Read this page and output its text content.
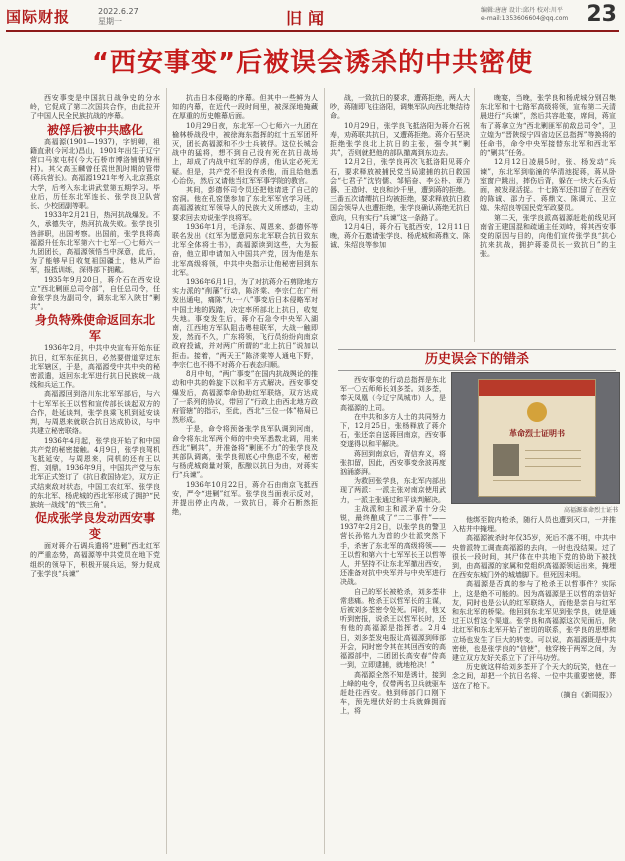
国际财报	2022.6.27
星期一	旧闻	编辑:唐唐 设计:邱丹 校对:川平
e-mail:1353606604@qq.com 23
“西安事变”后被误会诱杀的中共密使

西安事变是中国抗日战争史的分水岭，它促成了第二次国共合作，由此拉开了中国人民全民族抗战的序幕。

被俘后被中共感化

高福源(1901—1937)，字钥卿，祖籍直隶(今河北)昌山，1901年出生于辽宁营口马家屯村(今大石桥市博洛铺镇钟州村)。其父高玉麟曾任袁世凯时期的管带(蒋兵营长)。高福源1921年考入北京燕京大学，后考入东北讲武堂第五期学习。毕业后，历任东北军连长、张学良卫队营长、少校团副等职。

1933年2月21日，热河抗战爆发。不久，承德失守，热河抗战失败。张学良引咎辞职，出国考察。出国前，张学良将高福源升任东北军第六十七军一〇七师六一九团团长，高福源领悟当中深意，此后，为了能够早日收复祖国疆土，他从严治军，报抵训练，深得部下拥戴。

1935年9月20日，蒋介石在西安设立“西北剿匪总司令部”，自任总司令，任命张学良为副司令，调东北军入陕甘“剿共”。

身负特殊使命返回东北军

1936年2月，中共中央宣布开始东征抗日，红军东征抗日，必然要借道穿过东北军辖区，于是，高福源受中共中央的秘密派遣，返回东北军进行抗日民族统一战线和兵运工作。

高福源回到洛川东北军军部后，与六十七军军长王以哲和宣传部长谈起双方的合作，赴延谈判，张学良乘飞机到延安谈判，与周恩来就联合抗日达成协议，与中共建立秘密联络。

1936年4月起，张学良开始了和中国共产党的秘密接触。4月9日，张学良驾机飞抵延安，与周恩来，同机的还有王以哲、刘鼎。1936年9月，中国共产党与东北军正式签订了《抗日救国协定》，双方正式结束敌对状态，中国工农红军、张学良的东北军、杨虎城的西北军形成了拥护“民族统一战线”的“铁三角”。

促成张学良发动西安事变

面对蒋介石调兵遣将“进剿”西北红军的严重态势，高福源等中共党员在地下党组织的领导下，积极开展兵运，努力促成了张学良“兵谏”

抗击日本侵略的序幕。但其中一些鲜为人知的内幕，在近代一段时间里，被深深地掩藏在厚重的历史帷幕后面。

10月29日夜，东北军一〇七师六一九团在榆林桥战役中，被徐海东指挥的红十五军团歼灭，团长高福源和不少士兵被俘。这位长城会战中的猛将，想不到自己没有死在抗日战场上，却成了内战中红军的俘虏，他认定必死无疑。但是，共产党不但没有杀他，而且给他悉心治伤，然后又请他当红军军事学院的教官。

其间，彭德怀司令员还把他请进了自己的窑洞。他在孔窑堡参加了东北军军官学习班，高福源被红军领导人的民族大义所感动，主动要求回去劝说张学良将军。

1936年1月，毛泽东、周恩来、彭德怀等联名发出《红军为愿意同东北军联合抗日致东北军全体将士书》，高福源读到这些，大为振奋，他立即申请加入中国共产党，因为他是东北军高级将领，中共中央指示让他秘密回到东北军。

1936年6月1日，为了对抗蒋介石剪除地方实力派的“削藩”行动，陈济棠、李宗仁在广州发出通电，痛陈“九·一八”事变后日本侵略军对中国土地的践踏，决定率所部北上抗日，收复失地。事变发生后，蒋介石急令中央军入湖南，江西地方军队阻击粤桂联军，大战一触即发，然而不久，广东将领，飞行员纷纷向南京政府投诚，并对两广所谓的“北上抗日”说加以拒击。接着，“两天王”陈济棠等人通电下野，李宗仁也不得不对蒋介石表态归顺。

8月中旬，“两广事变”在国内抗战舆论的推动和中共的斡旋下以和平方式解决。西安事变爆发后，高福源奉命协助红军联络，双方达成了一系列的协议，带回了“行政上由西北地方政府管辖”的指示，至此，西北“三位一体”格局已然形成。

于是，命令将预备张学良军队调到河南，命令将东北军两个师的中央军悉数北调，用来西北“剿共”，并准备将“剿匪不力”的张学良及其部队调离，张学良彻底心中焦虑不安，秘密与杨虎城商量对策，酝酿以抗日为由，对蒋实行“兵谏”。

1936年10月22日，蒋介石由南京飞抵西安，严令“进剿”红军。张学良当面表示反对，并提出停止内战，一致抗日，蒋介石断然拒绝，

战，一致抗日的要求，遭蒋拒绝，两人大吵，蒋随即飞往洛阳，调集军队向西北集结待命。

10月29日，张学良飞抵洛阳为蒋介石祝寿，劝蒋联共抗日，又遭蒋拒绝。蒋介石坚决拒绝张学良北上抗日的主张，强令其“剿共”，否则就把他的部队撤离到东边去。

12月2日，张学良再次飞抵洛阳见蒋介石，要求释放被捕民党当局逮捕的抗日救国会“七君子”沈钧儒、邹韬奋、李公朴、章乃器、王造时、史良和沙千里，遭到蒋的拒绝。三番五次请缨抗日均被拒绝，要求释放抗日救国会领导人也遭拒绝，张学良确认蒋绝无抗日意向，只有实行“兵谏”这一条路了。

12月4日，蒋介石飞抵西安，12月11日晚，蒋介石邀请张学良、杨虎城和蒋鼎文、陈诚、朱绍良等参加

西安事变的行动总指挥是东北军一〇五师师长刘多荃。刘多荃，奉天凤凰（今辽宁凤城市）人，是高福源的上司。

在中共和多方人士的共同努力下，12月25日，张杨释放了蒋介石，张还亲自送蒋回南京，西安事变遂得以和平解决。

蒋回到南京后，背信弃义，将张扣留，因此，西安事变余波再度汹涌澎湃。

为救回张学良，东北军内部出现了两派：一派主张对南京使用武力，一派主张通过和平谈判解决。

主战派和主和派矛盾十分尖锐，最终酿成了“二二事件”——1937年2月2日，以张学良的警卫营长孙铭九为首的少壮派突然下手，杀害了东北军的高级将领——王以哲和第六十七军军长王以哲等人，并坚持不让东北军撤出西安，还准备对抗中央军并与中央军进行决战。

自己的军长被枪杀，刘多荃非常悲痛。枪杀王以哲军长的主谋，后被刘多荃密令处死。同时，他又听到密报，说杀王以哲军长时，还有他的高福源是指挥者。2月4日，刘多荃发电报让高福源到师部开会，同时密令其在其回西安的高福源部中，二团团长高安春“侍高一到，立即逮捕，就地枪决！”

高福源全然不知是诱计，接到上峰的电令，仅带两名卫兵就驱车赶赴往西安。他到师部门口刚下车，预先埋伏好的士兵就蜂拥而上，将

晚宴，当晚，张学良和杨虎城分别召集东北军和十七路军高级将领，宣布第二天清晨进行“兵谏”，然后共容赴宴，席间，蒋宣布了蒋拿立为“西北剿匪军前敌总司令”，卫立煌为“晋陕绥宁四省边区总指挥”等换将的任命书，命令中央军接替东北军和西北军的“剿共”任务。

12月12日凌晨5时，张、杨发动“兵谏”，东北军到临潼的华清池捉蒋，蒋从卧室窗户跳出，摔伤后背，躲在一块大石头后面，被发现活捉。十七路军还扣留了在西安的陈诚、邵力子、蒋鼎文、陈调元、卫立煌、朱绍良等国民党军政要员。

第二天，张学良派高福源赶赴前线见河南省王建国混和疏通主任刘峙，将其西安事变的原因与目的，向他们宣传张学良“抗心抗来抗战，拥护蒋委员长一致抗日”的主张。

历史误会下的错杀
革命烈士证明书
高福源革命烈士证书

他绑至院内枪杀，随行人员也遭到灭口，一并推入枯井中掩埋。

高福源被杀时年仅35岁，死后不落不明，中共中央曾派特工调查高福源的去向，一时也没结果。过了很长一段时间，其尸体在中共地下党的协助下被找到，由高福源的家属和党组织高福源领运出来，掩埋在西安东城门外的城墙脚下。但死因未明。

高福源是否真的参与了枪杀王以哲事件？实际上，这是绝不可能的。因为高福源是王以哲的亲信好友，同时也是公认的红军联络人，而他是亲自与红军和东北军的桥梁。他回到东北军见到张学良，就是通过王以哲这个渠道。张学良和高福源这次见面后，陕北红军和东北军开始了密切的联系，张学良的思想和立场也发生了巨大的转变。可以说，高福源既是中共密使，也是张学良的“信使”，他穿梭于两军之间，为建立双方友好关系立下了汗马功劳。

历史就这样给刘多荃开了个天大的玩笑，他在一念之间，却把一个抗日名将、一位中共重要密使，葬送在了枪下。

（摘自《新周报》）
